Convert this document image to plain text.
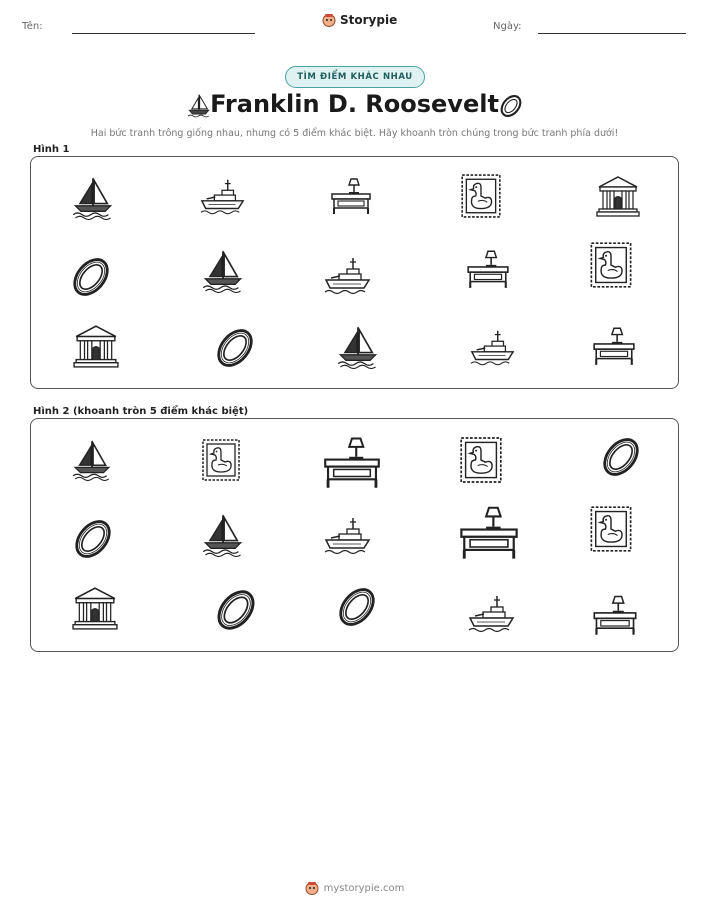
Tên:	Storypie	Ngày:
TÌM ĐIỂM KHÁC NHAU
Franklin D. Roosevelt
Hai bức tranh trông giống nhau, nhưng có 5 điểm khác biệt. Hãy khoanh tròn chúng trong bức tranh phía dưới!
Hình 1
Hình 2 (khoanh tròn 5 điểm khác biệt)
mystorypie.com
